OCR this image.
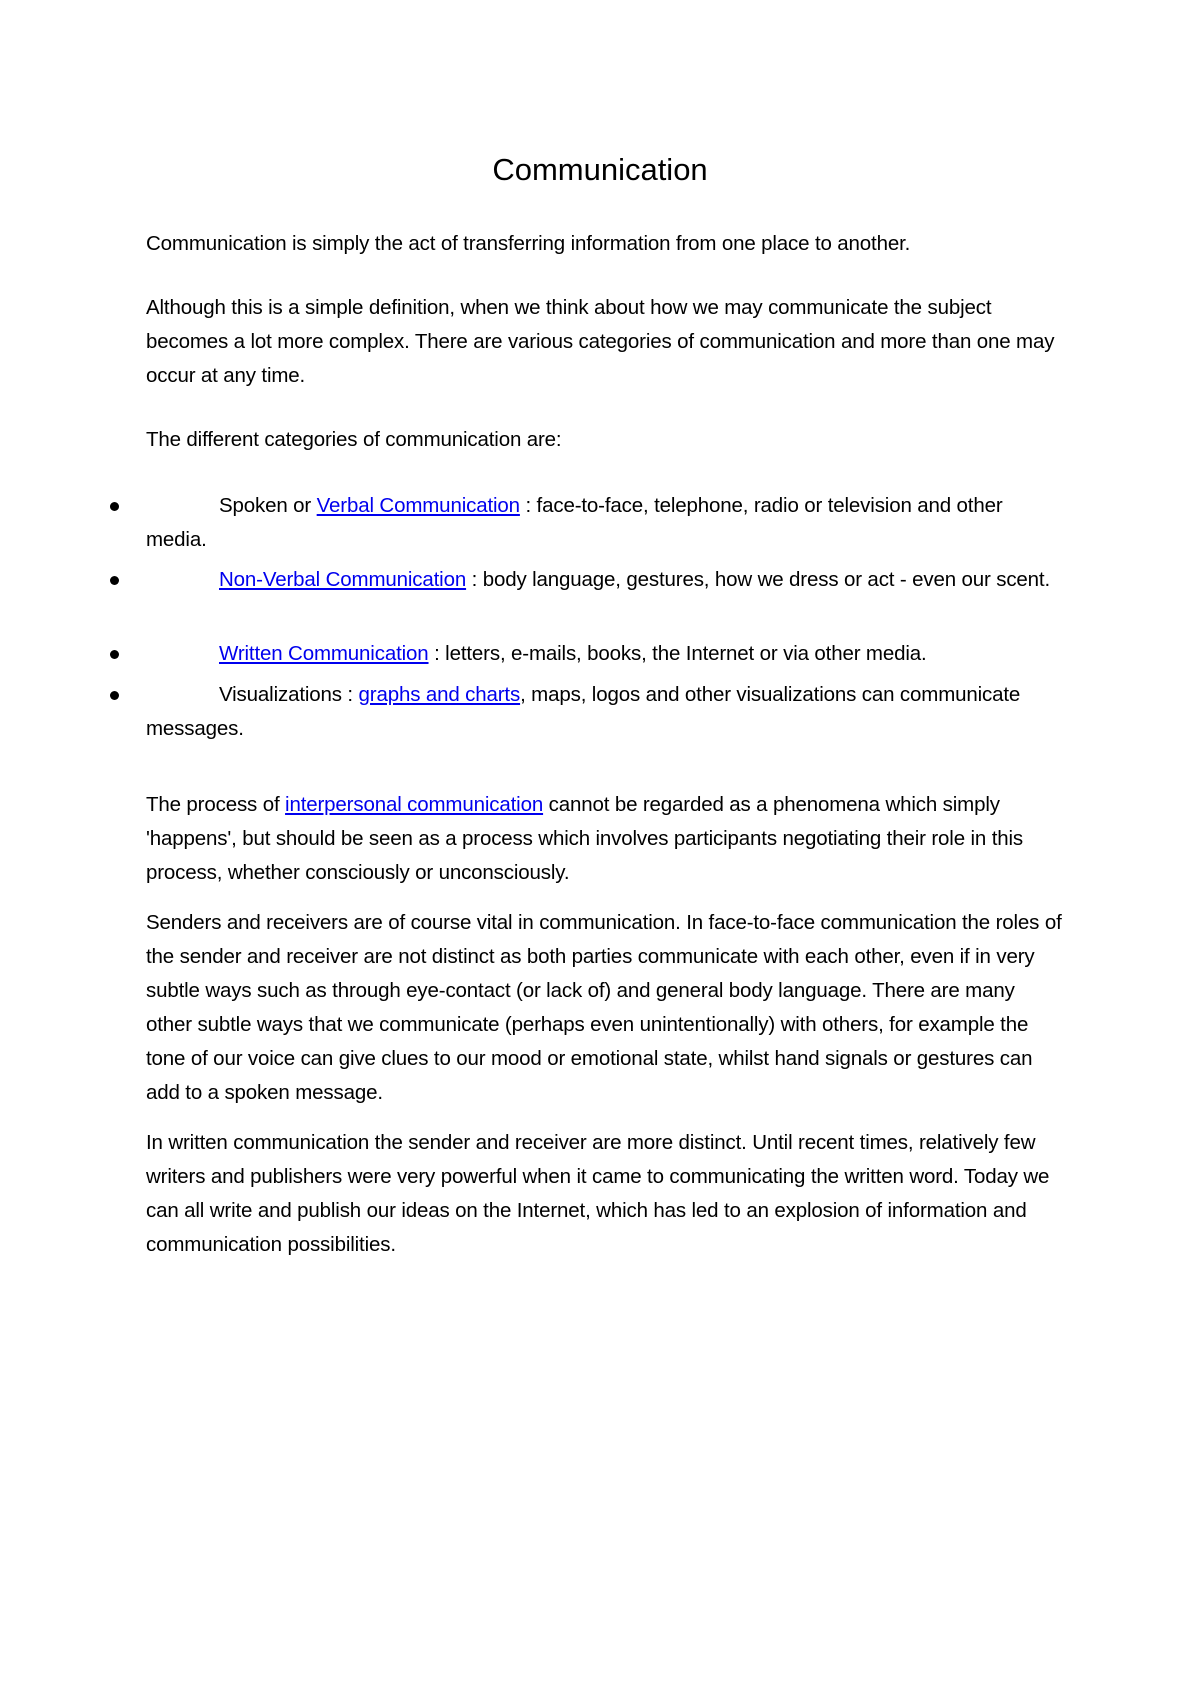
Communication

Communication is simply the act of transferring information from one place to another.

Although this is a simple definition, when we think about how we may communicate the subject becomes a lot more complex. There are various categories of communication and more than one may occur at any time.

The different categories of communication are:

Spoken or Verbal Communication : face-to-face, telephone, radio or television and other media.
Non-Verbal Communication : body language, gestures, how we dress or act - even our scent.
Written Communication : letters, e-mails, books, the Internet or via other media.
Visualizations : graphs and charts, maps, logos and other visualizations can communicate messages.

The process of interpersonal communication cannot be regarded as a phenomena which simply 'happens', but should be seen as a process which involves participants negotiating their role in this process, whether consciously or unconsciously.

Senders and receivers are of course vital in communication. In face-to-face communication the roles of the sender and receiver are not distinct as both parties communicate with each other, even if in very subtle ways such as through eye-contact (or lack of) and general body language. There are many other subtle ways that we communicate (perhaps even unintentionally) with others, for example the tone of our voice can give clues to our mood or emotional state, whilst hand signals or gestures can add to a spoken message.

In written communication the sender and receiver are more distinct. Until recent times, relatively few writers and publishers were very powerful when it came to communicating the written word. Today we can all write and publish our ideas on the Internet, which has led to an explosion of information and communication possibilities.
